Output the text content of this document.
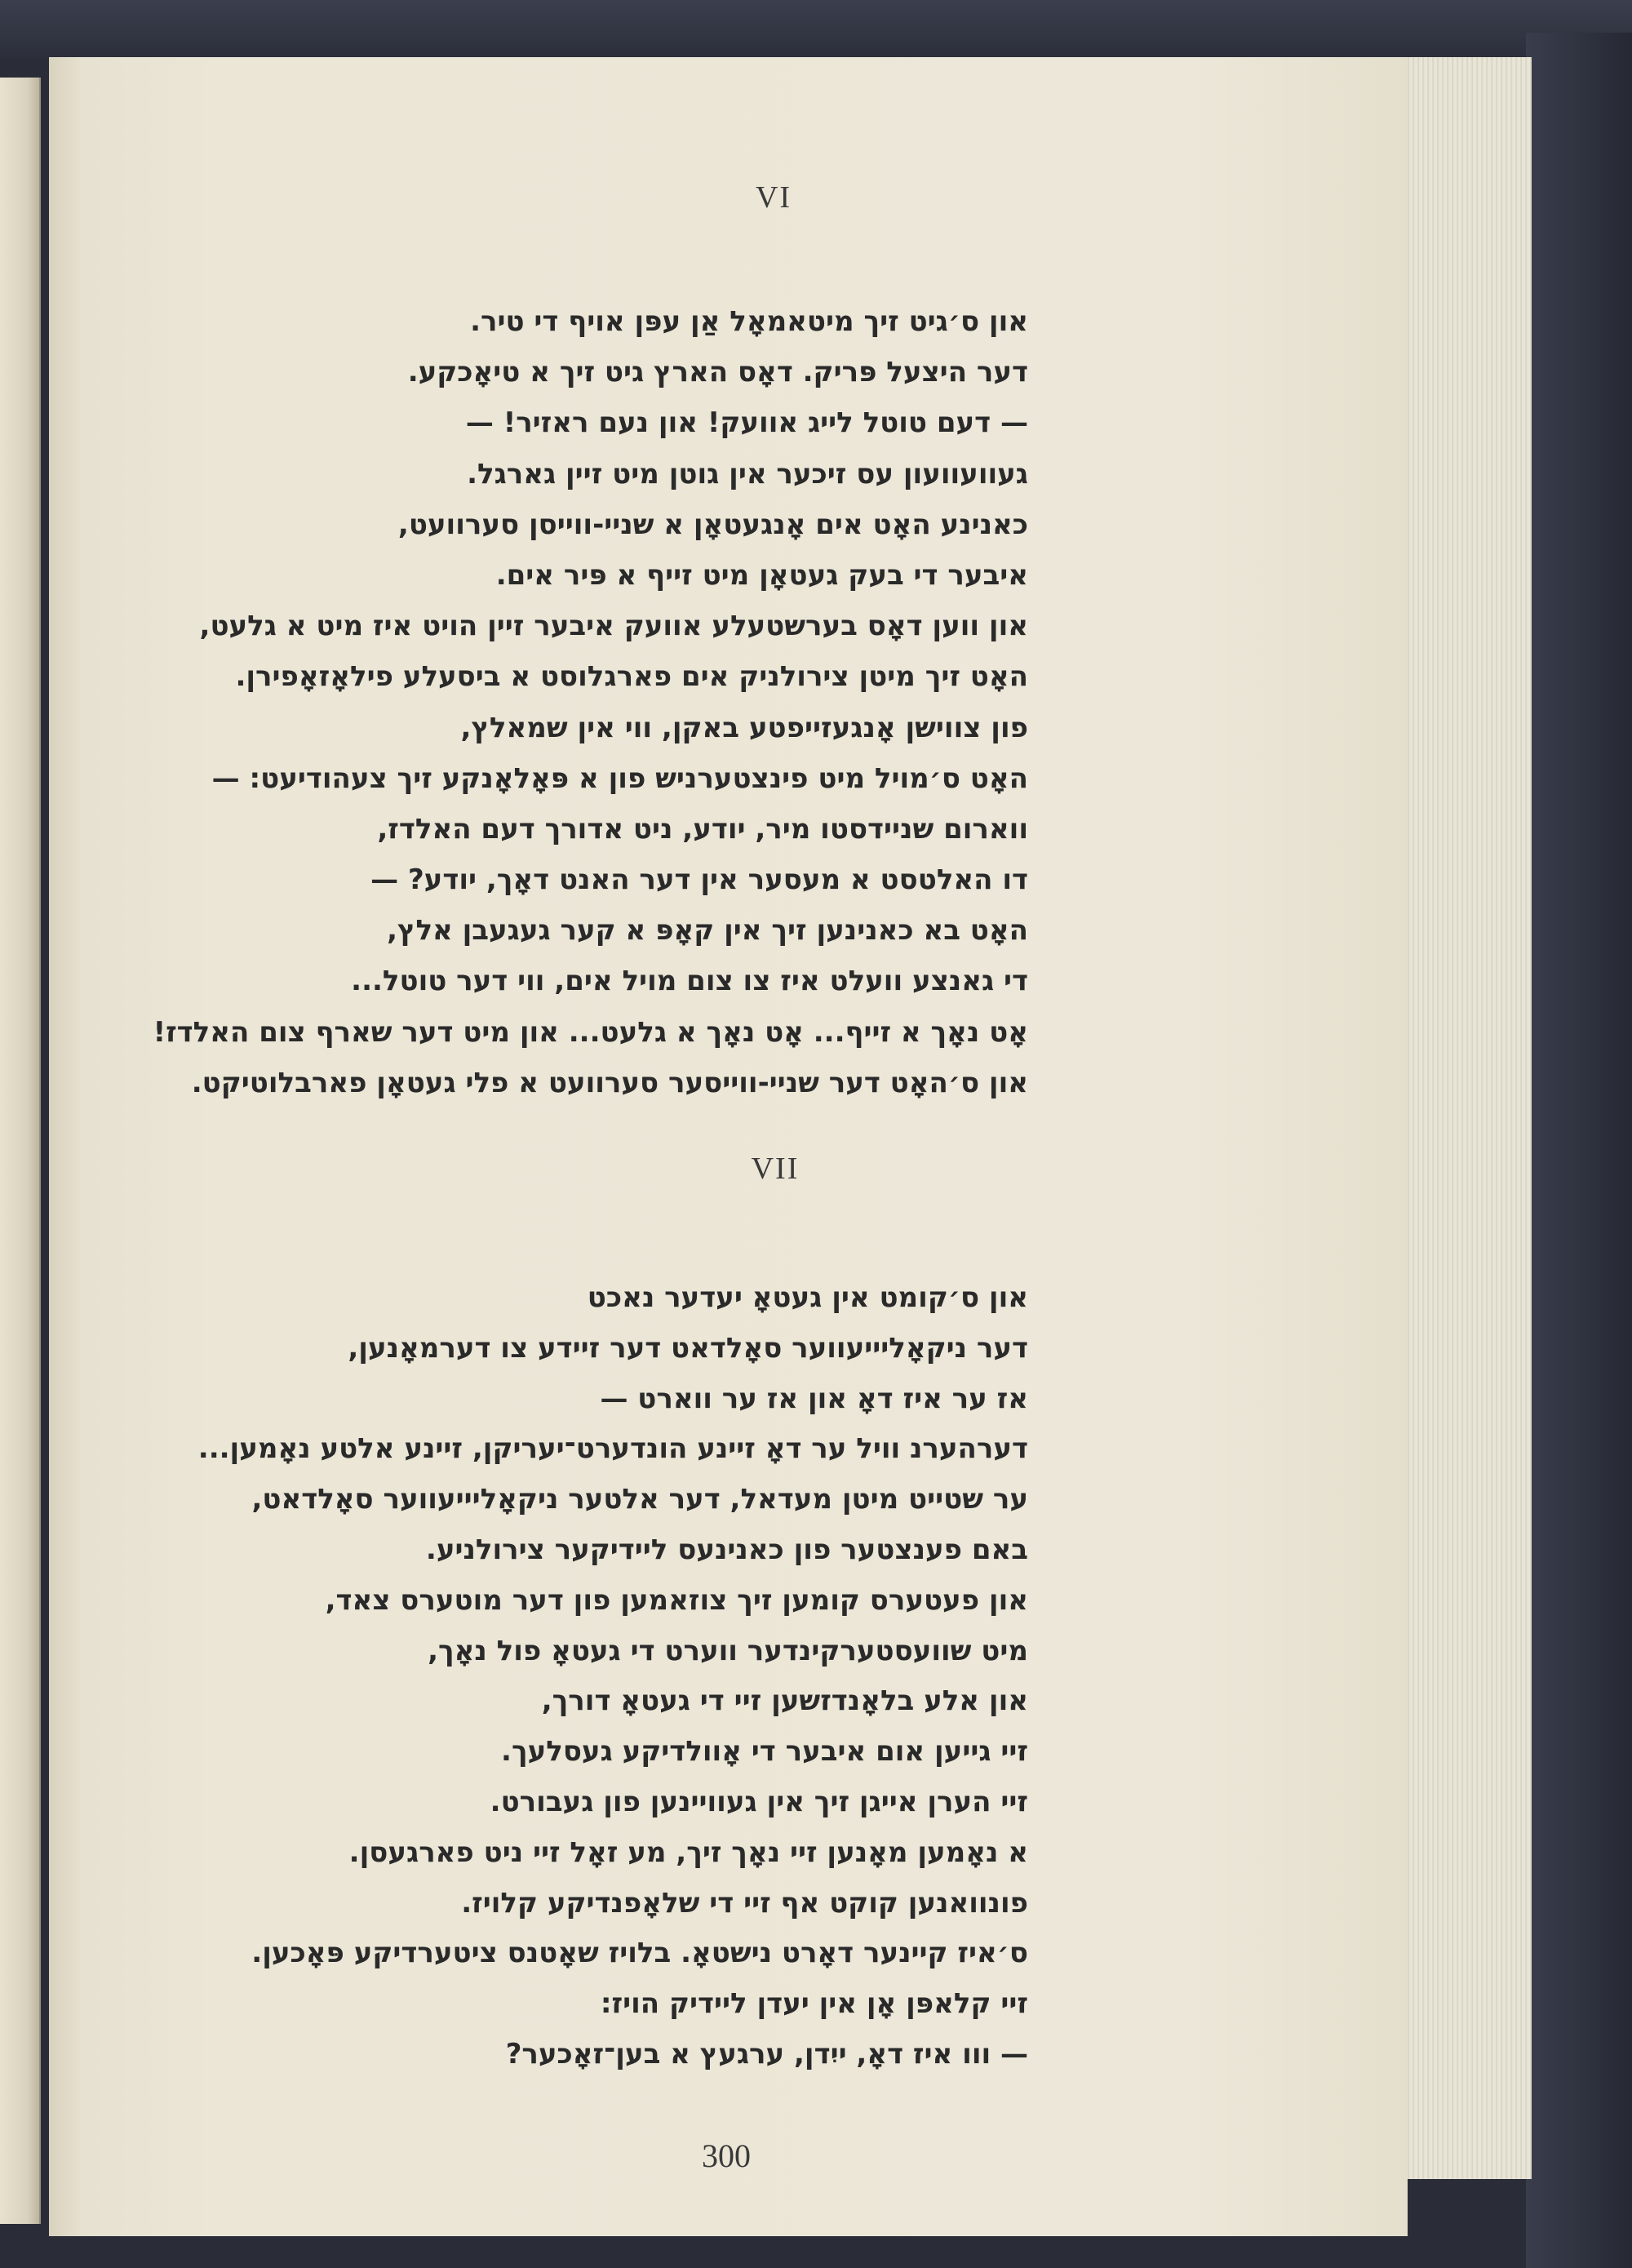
VI
און ס׳גיט זיך מיטאמאָל אַן עפּן אויף די טיר.
דער היצעל פּריק. דאָס הארץ גיט זיך א טיאָכקע.
— דעם טוטל לייג אוועק! און נעם ראזיר! —
געוועוועון עס זיכער אין גוטן מיט זיין גארגל.
כאנינע האָט אים אָנגעטאָן א שניי-ווייסן סערוועט,
איבער די בעק געטאָן מיט זייף א פּיר אים.
און ווען דאָס בערשטעלע אוועק איבער זיין הויט איז מיט א גלעט,
האָט זיך מיטן צירולניק אים פארגלוסט א ביסעלע פילאָזאָפירן.
פון צווישן אָנגעזייפטע באקן, ווי אין שמאלץ,
האָט ס׳מויל מיט פינצטערניש פון א פּאָלאָנקע זיך צעהודיעט: —
ווארום שניידסטו מיר, יודע, ניט אדורך דעם האלדז,
דו האלטסט א מעסער אין דער האנט דאָך, יודע? —
האָט בא כאנינען זיך אין קאָפּ א קער געגעבן אלץ,
די גאנצע וועלט איז צו צום מויל אים, ווי דער טוטל...
אָט נאָך א זייף... אָט נאָך א גלעט... און מיט דער שארף צום האלדז!
און ס׳האָט דער שניי-ווייסער סערוועט א פלי געטאָן פארבלוטיקט.
VII
און ס׳קומט אין געטאָ יעדער נאכט
דער ניקאָליייעווער סאָלדאט דער זיידע צו דערמאָנען,
אז ער איז דאָ און אז ער ווארט —
דערהערנ וויל ער דאָ זיינע הונדערט־יעריקן, זיינע אלטע נאָמען...
ער שטייט מיטן מעדאל, דער אלטער ניקאָליייעווער סאָלדאט,
באם פענצטער פון כאנינעס ליידיקער צירולניע.
און פעטערס קומען זיך צוזאמען פון דער מוטערס צאד,
מיט שוועסטערקינדער ווערט די געטאָ פול נאָך,
און אלע בלאָנדזשען זיי די געטאָ דורך,
זיי גייען אום איבער די אָוולדיקע געסלעך.
זיי הערן אייגן זיך אין געוויינען פון געבורט.
א נאָמען מאָנען זיי נאָך זיך, מע זאָל זיי ניט פארגעסן.
פונוואנען קוקט אף זיי די שלאָפנדיקע קלויז.
ס׳איז קיינער דאָרט נישטאָ. בלויז שאָטנס ציטערדיקע פּאָכען.
זיי קלאפּן אָן אין יעדן ליידיק הויז:
— ווו איז דאָ, ייִדן, ערגעץ א בען־זאָכער?
300
